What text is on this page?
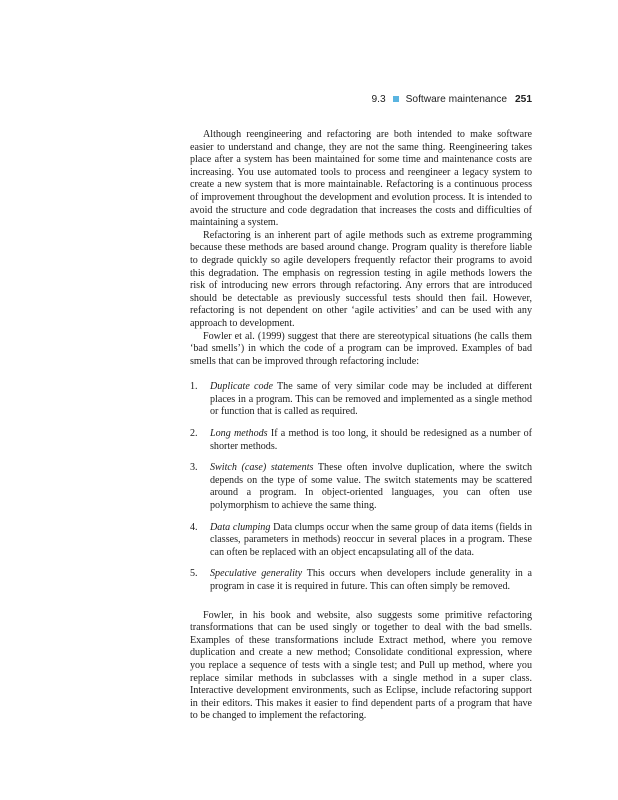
9.3 Software maintenance 251

Although reengineering and refactoring are both intended to make software easier to understand and change, they are not the same thing. Reengineering takes place after a system has been maintained for some time and maintenance costs are increasing. You use automated tools to process and reengineer a legacy system to create a new system that is more maintainable. Refactoring is a continuous process of improvement throughout the development and evolution process. It is intended to avoid the structure and code degradation that increases the costs and difficulties of maintaining a system.

Refactoring is an inherent part of agile methods such as extreme programming because these methods are based around change. Program quality is therefore liable to degrade quickly so agile developers frequently refactor their programs to avoid this degradation. The emphasis on regression testing in agile methods lowers the risk of introducing new errors through refactoring. Any errors that are introduced should be detectable as previously successful tests should then fail. However, refactoring is not dependent on other ‘agile activities’ and can be used with any approach to development.

Fowler et al. (1999) suggest that there are stereotypical situations (he calls them ‘bad smells’) in which the code of a program can be improved. Examples of bad smells that can be improved through refactoring include:

1. Duplicate code The same of very similar code may be included at different places in a program. This can be removed and implemented as a single method or function that is called as required.
2. Long methods If a method is too long, it should be redesigned as a number of shorter methods.
3. Switch (case) statements These often involve duplication, where the switch depends on the type of some value. The switch statements may be scattered around a program. In object-oriented languages, you can often use polymorphism to achieve the same thing.
4. Data clumping Data clumps occur when the same group of data items (fields in classes, parameters in methods) reoccur in several places in a program. These can often be replaced with an object encapsulating all of the data.
5. Speculative generality This occurs when developers include generality in a program in case it is required in future. This can often simply be removed.

Fowler, in his book and website, also suggests some primitive refactoring transformations that can be used singly or together to deal with the bad smells. Examples of these transformations include Extract method, where you remove duplication and create a new method; Consolidate conditional expression, where you replace a sequence of tests with a single test; and Pull up method, where you replace similar methods in subclasses with a single method in a super class. Interactive development environments, such as Eclipse, include refactoring support in their editors. This makes it easier to find dependent parts of a program that have to be changed to implement the refactoring.
